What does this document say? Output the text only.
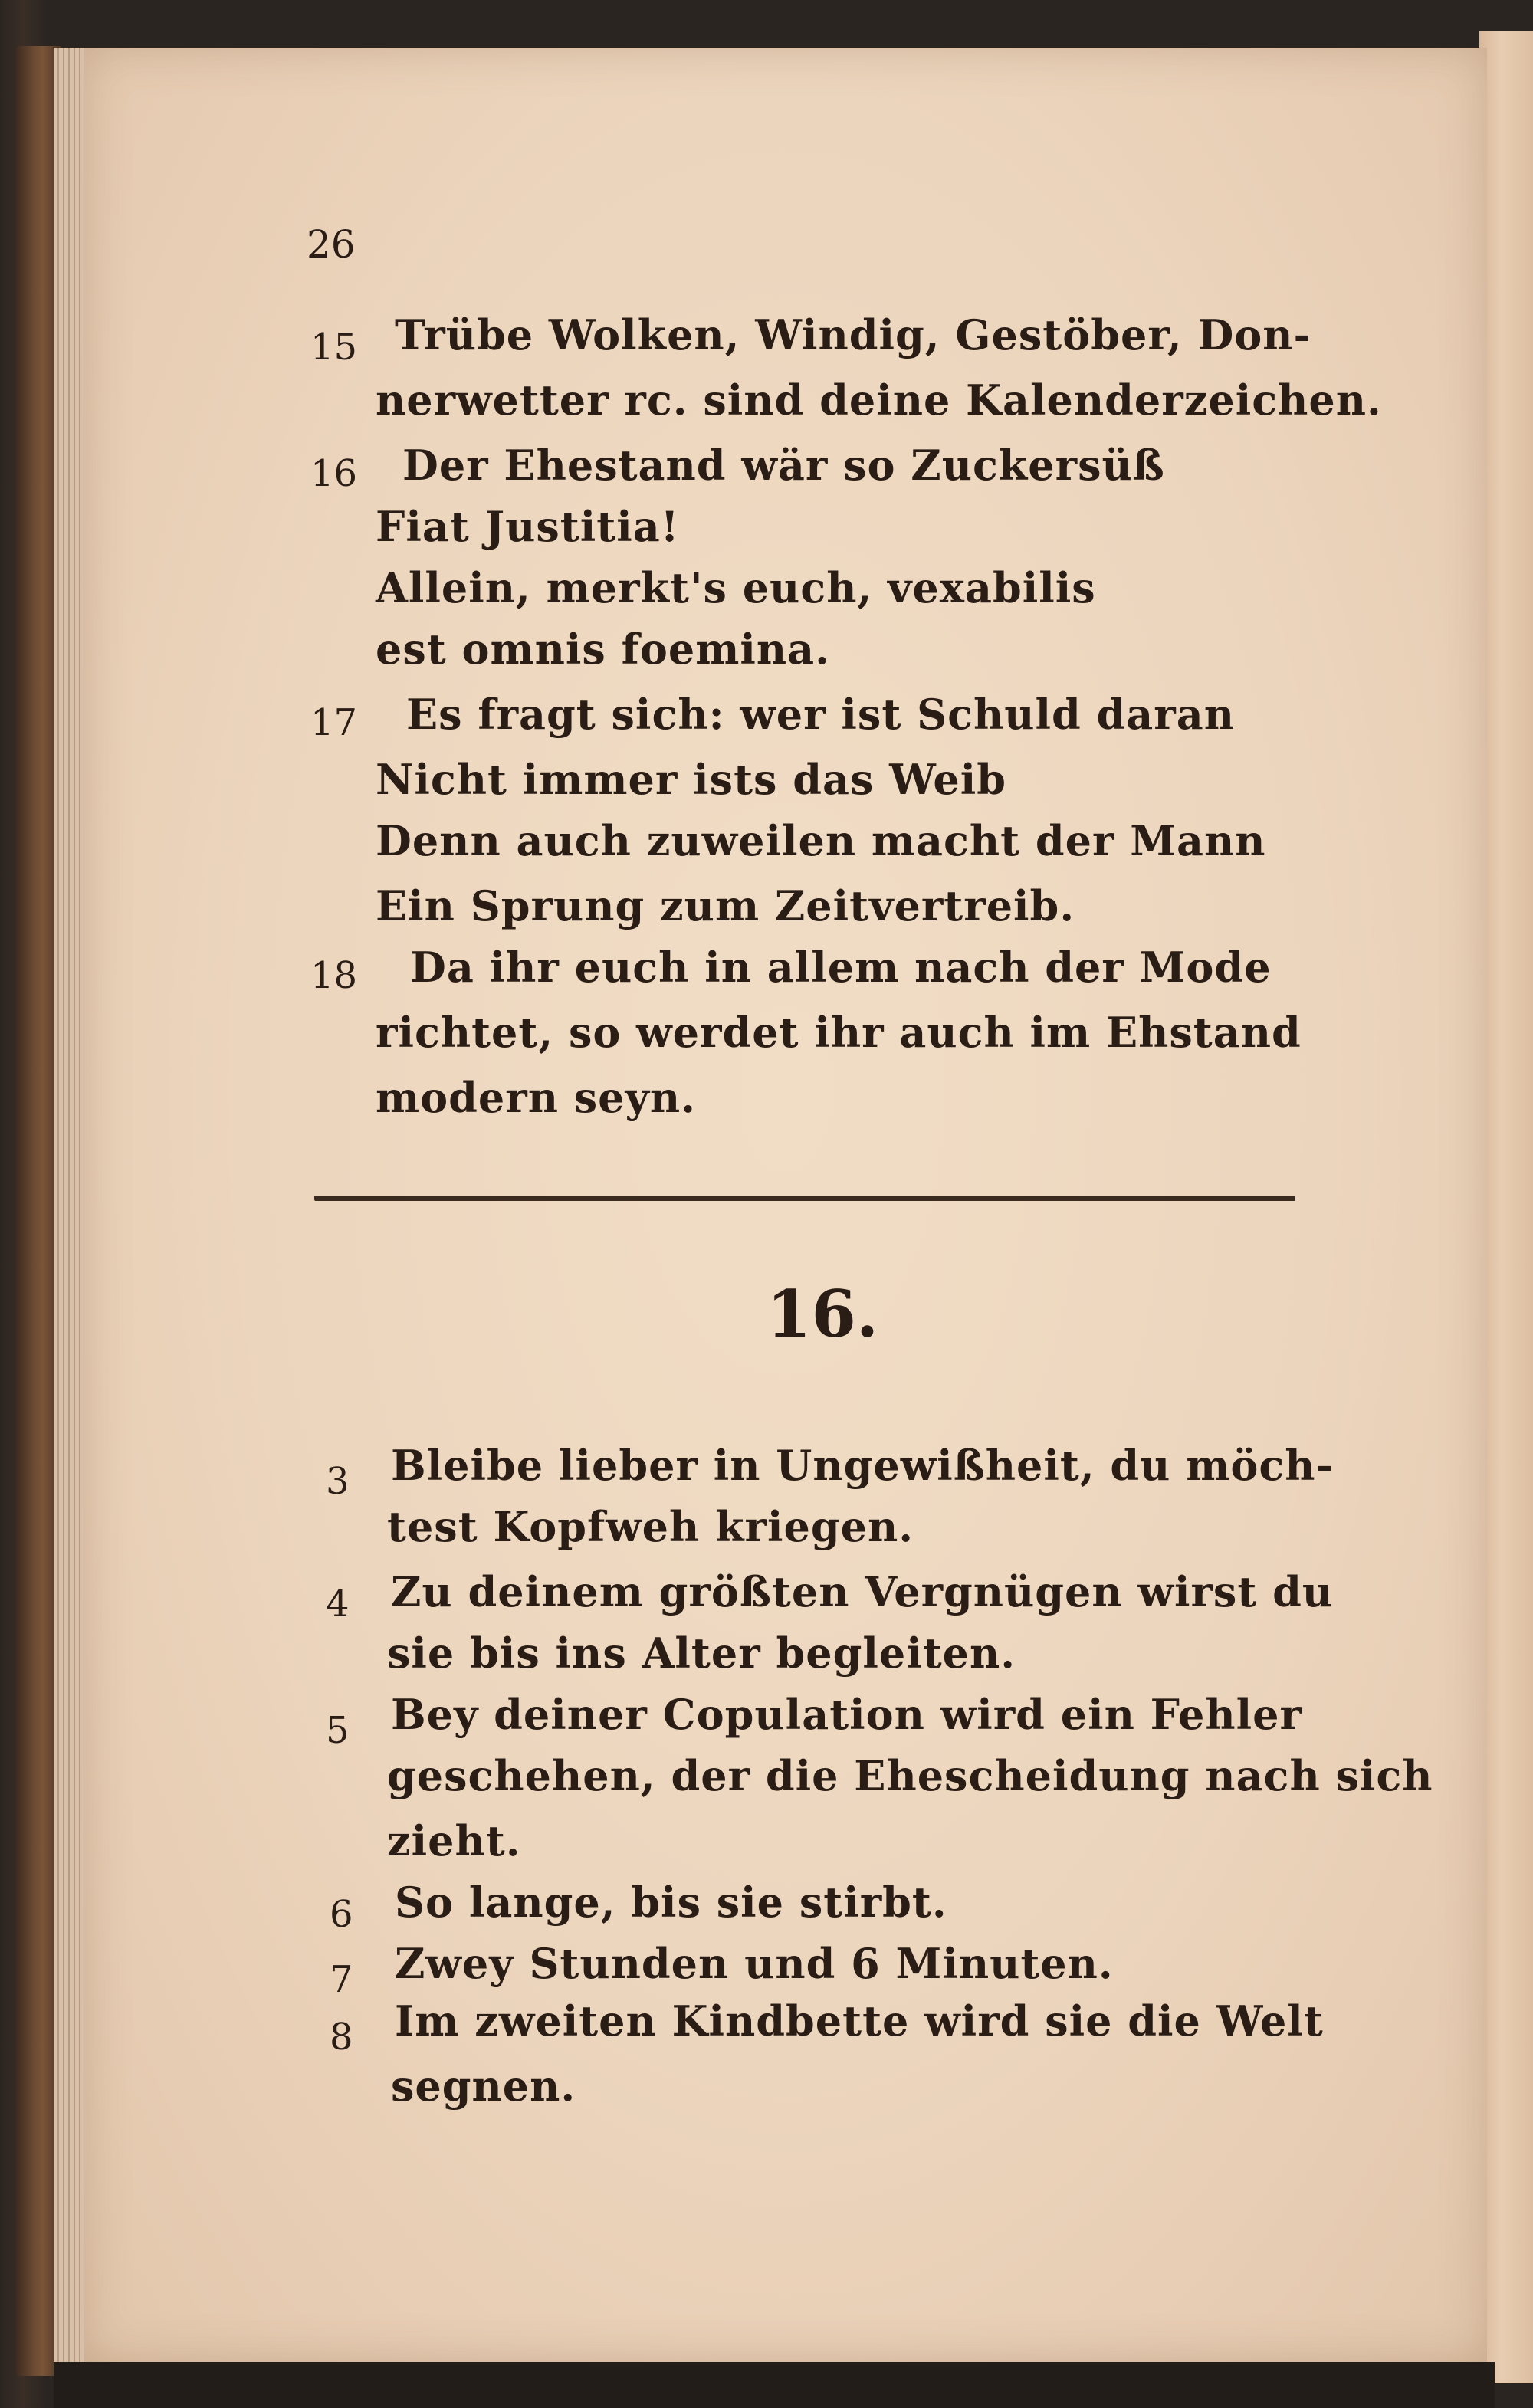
26
15 Trübe Wolken, Windig, Gestöber, Don-
nerwetter rc. sind deine Kalenderzeichen.
16 Der Ehestand wär so Zuckersüß
Fiat Justitia!
Allein, merkt's euch, vexabilis
est omnis foemina.
17 Es fragt sich: wer ist Schuld daran
Nicht immer ists das Weib
Denn auch zuweilen macht der Mann
Ein Sprung zum Zeitvertreib.
18 Da ihr euch in allem nach der Mode
richtet, so werdet ihr auch im Ehstand
modern seyn.
16.
3 Bleibe lieber in Ungewißheit, du möch-
test Kopfweh kriegen.
4 Zu deinem größten Vergnügen wirst du
sie bis ins Alter begleiten.
5 Bey deiner Copulation wird ein Fehler
geschehen, der die Ehescheidung nach sich
zieht.
6 So lange, bis sie stirbt.
7 Zwey Stunden und 6 Minuten.
8 Im zweiten Kindbette wird sie die Welt
segnen.
